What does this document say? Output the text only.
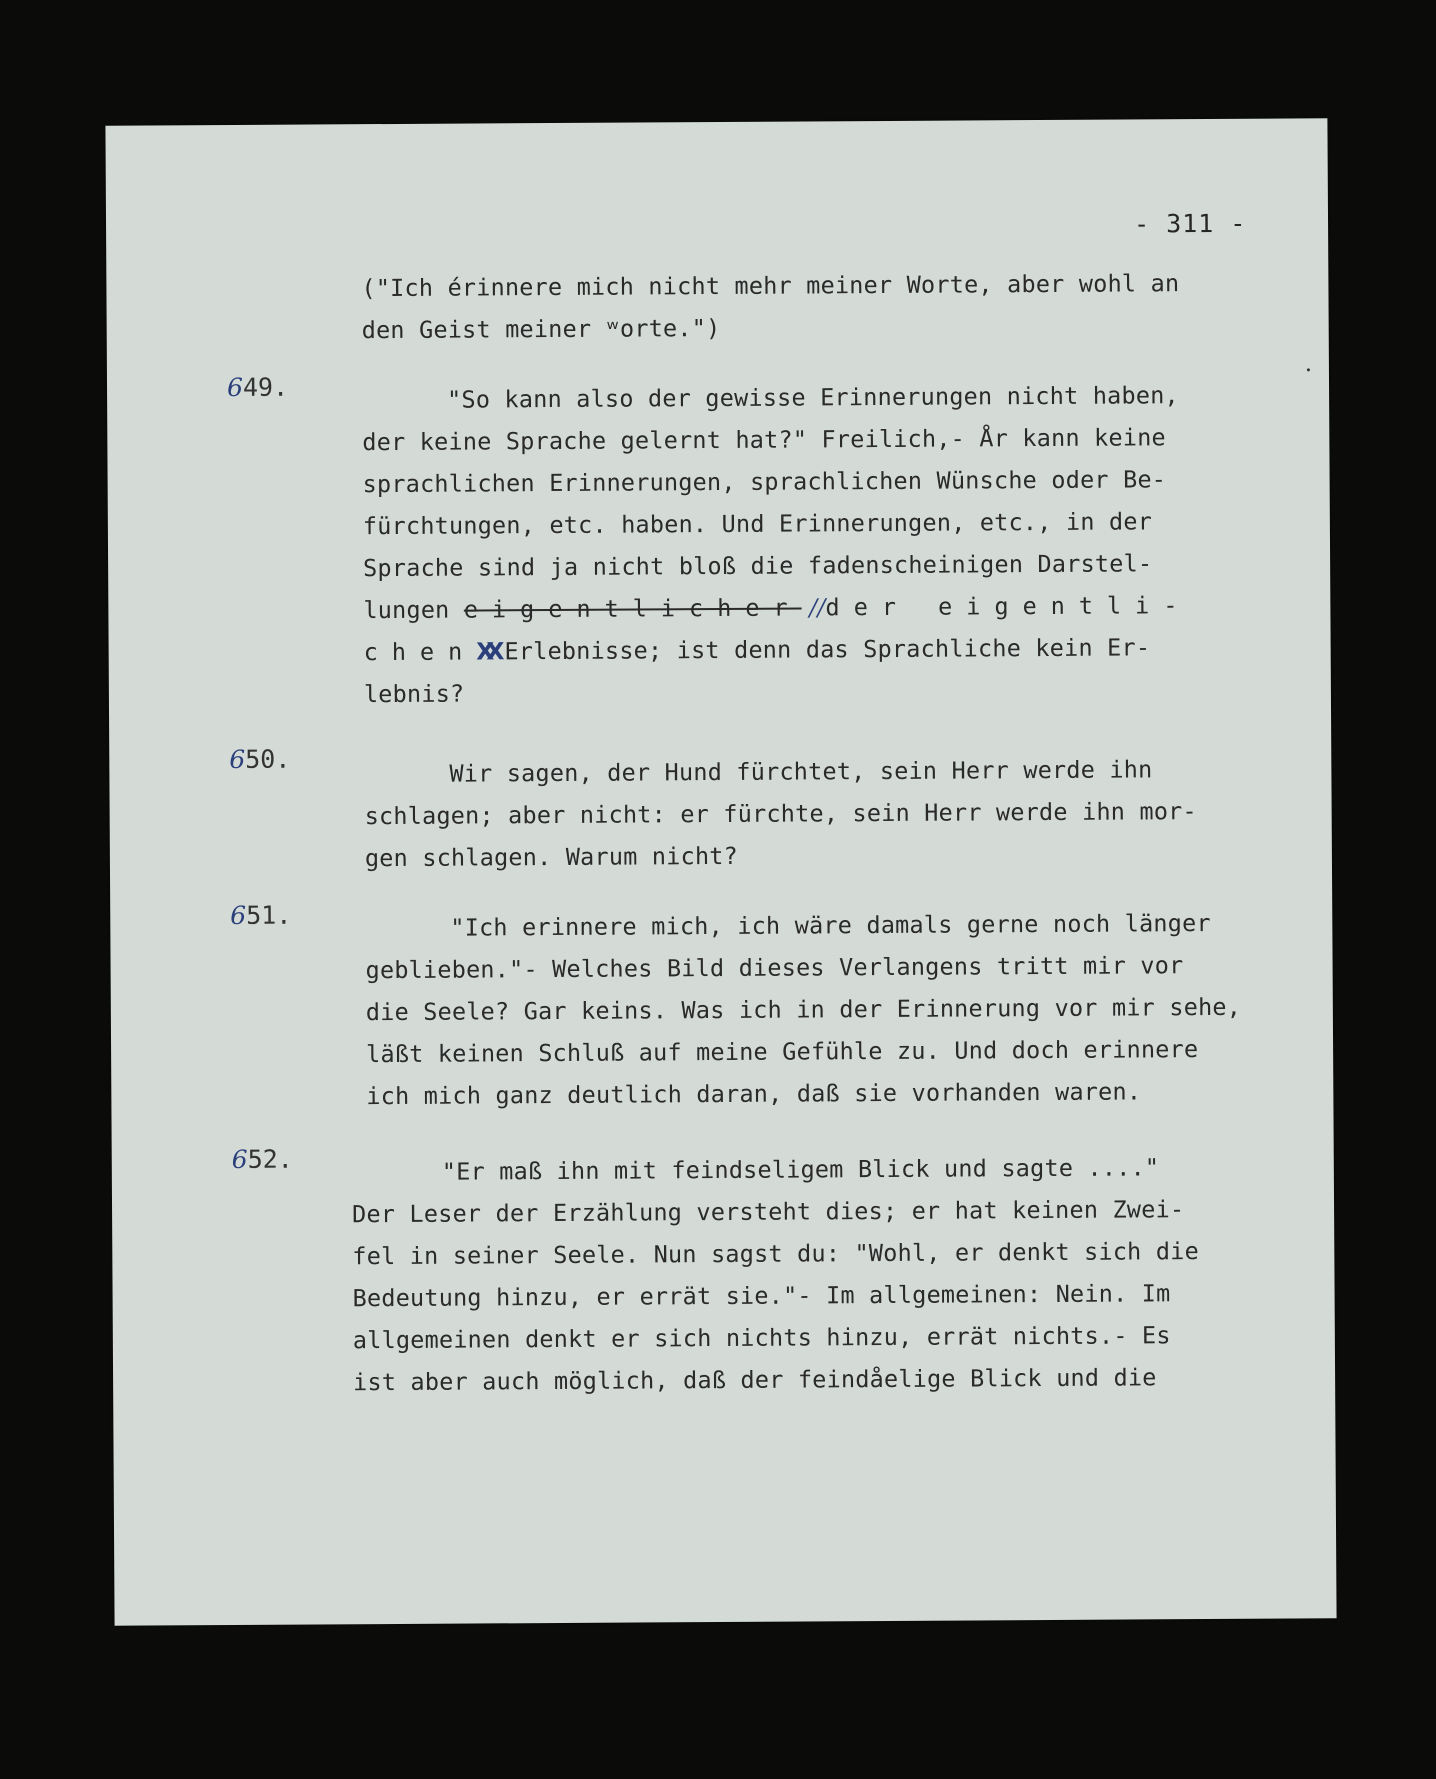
- 311 -
("Ich érinnere mich nicht mehr meiner Worte, aber wohl an
den Geist meiner ʷorte.")
649.	"So kann also der gewisse Erinnerungen nicht haben,
der keine Sprache gelernt hat?" Freilich,- År kann keine
sprachlichen Erinnerungen, sprachlichen Wünsche oder Be-
fürchtungen, etc. haben. Und Erinnerungen, etc., in der
Sprache sind ja nicht bloß die fadenscheinigen Darstel-
lungen eigentlicher //der eigentli-
chenXX Erlebnisse; ist denn das Sprachliche kein Er-
lebnis?
650.	Wir sagen, der Hund fürchtet, sein Herr werde ihn
schlagen; aber nicht: er fürchte, sein Herr werde ihn mor-
gen schlagen. Warum nicht?
651.	"Ich erinnere mich, ich wäre damals gerne noch länger
geblieben."- Welches Bild dieses Verlangens tritt mir vor
die Seele? Gar keins. Was ich in der Erinnerung vor mir sehe,
läßt keinen Schluß auf meine Gefühle zu. Und doch erinnere
ich mich ganz deutlich daran, daß sie vorhanden waren.
652.	"Er maß ihn mit feindseligem Blick und sagte ...."
Der Leser der Erzählung versteht dies; er hat keinen Zwei-
fel in seiner Seele. Nun sagst du: "Wohl, er denkt sich die
Bedeutung hinzu, er errät sie."- Im allgemeinen: Nein. Im
allgemeinen denkt er sich nichts hinzu, errät nichts.- Es
ist aber auch möglich, daß der feindåelige Blick und die
